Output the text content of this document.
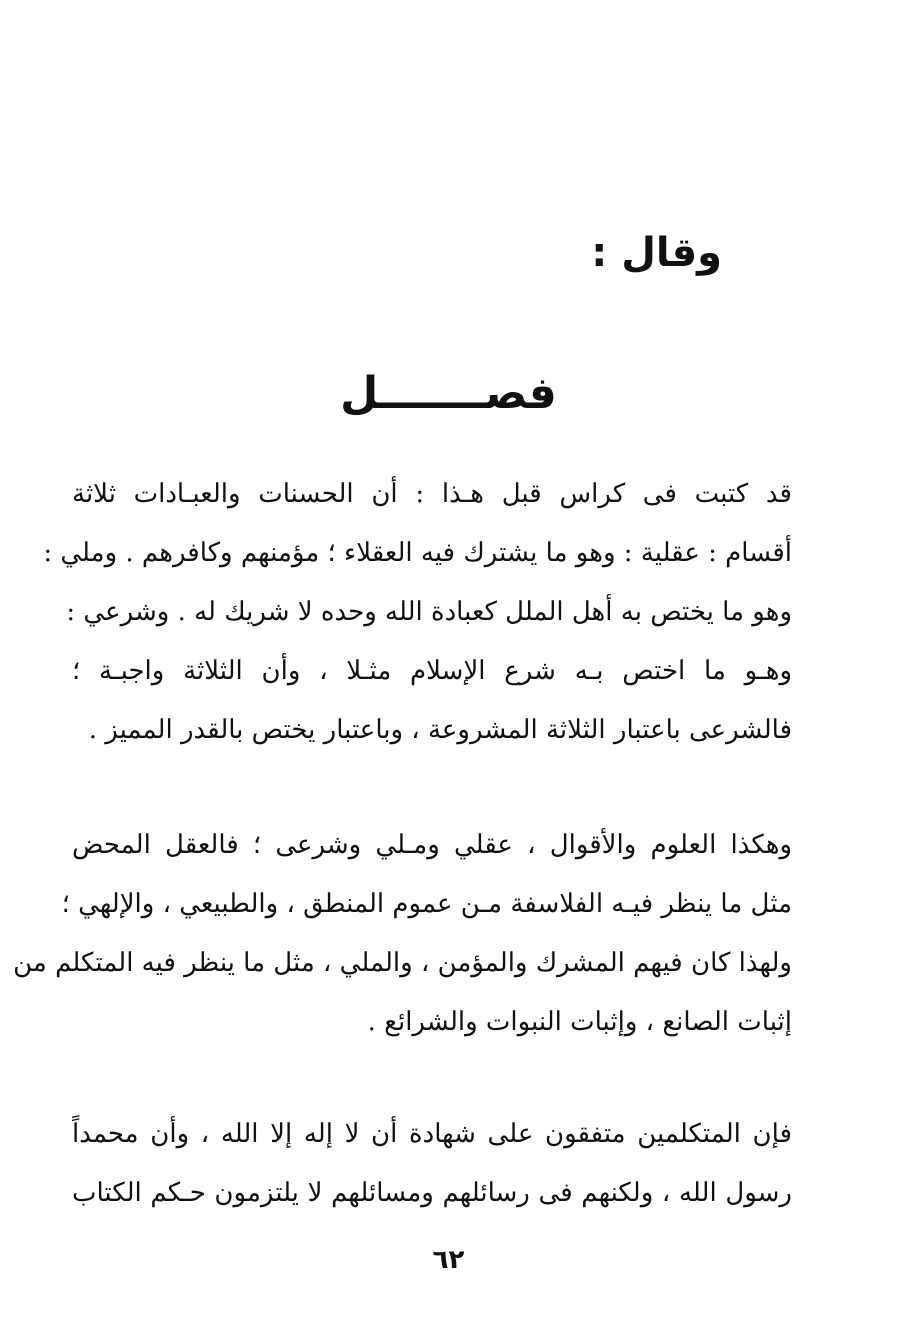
وقال :
فصـــــــل
قد كتبت فى كراس قبل هـذا : أن الحسنات والعبـادات ثلاثة
أقسام : عقلية : وهو ما يشترك فيه العقلاء ؛ مؤمنهم وكافرهم . وملي :
وهو ما يختص به أهل الملل كعبادة الله وحده لا شريك له . وشرعي :
وهـو ما اختص بـه شرع الإسلام مثـلا ، وأن الثلاثة واجبـة ؛
فالشرعى باعتبار الثلاثة المشروعة ، وباعتبار يختص بالقدر المميز .
وهكذا العلوم والأقوال ، عقلي ومـلي وشرعى ؛ فالعقل المحض
مثل ما ينظر فيـه الفلاسفة مـن عموم المنطق ، والطبيعي ، والإلهي ؛
ولهذا كان فيهم المشرك والمؤمن ، والملي ، مثل ما ينظر فيه المتكلم من
إثبات الصانع ، وإثبات النبوات والشرائع .
فإن المتكلمين متفقون على شهادة أن لا إله إلا الله ، وأن محمداً
رسول الله ، ولكنهم فى رسائلهم ومسائلهم لا يلتزمون حـكم الكتاب
٦٢
